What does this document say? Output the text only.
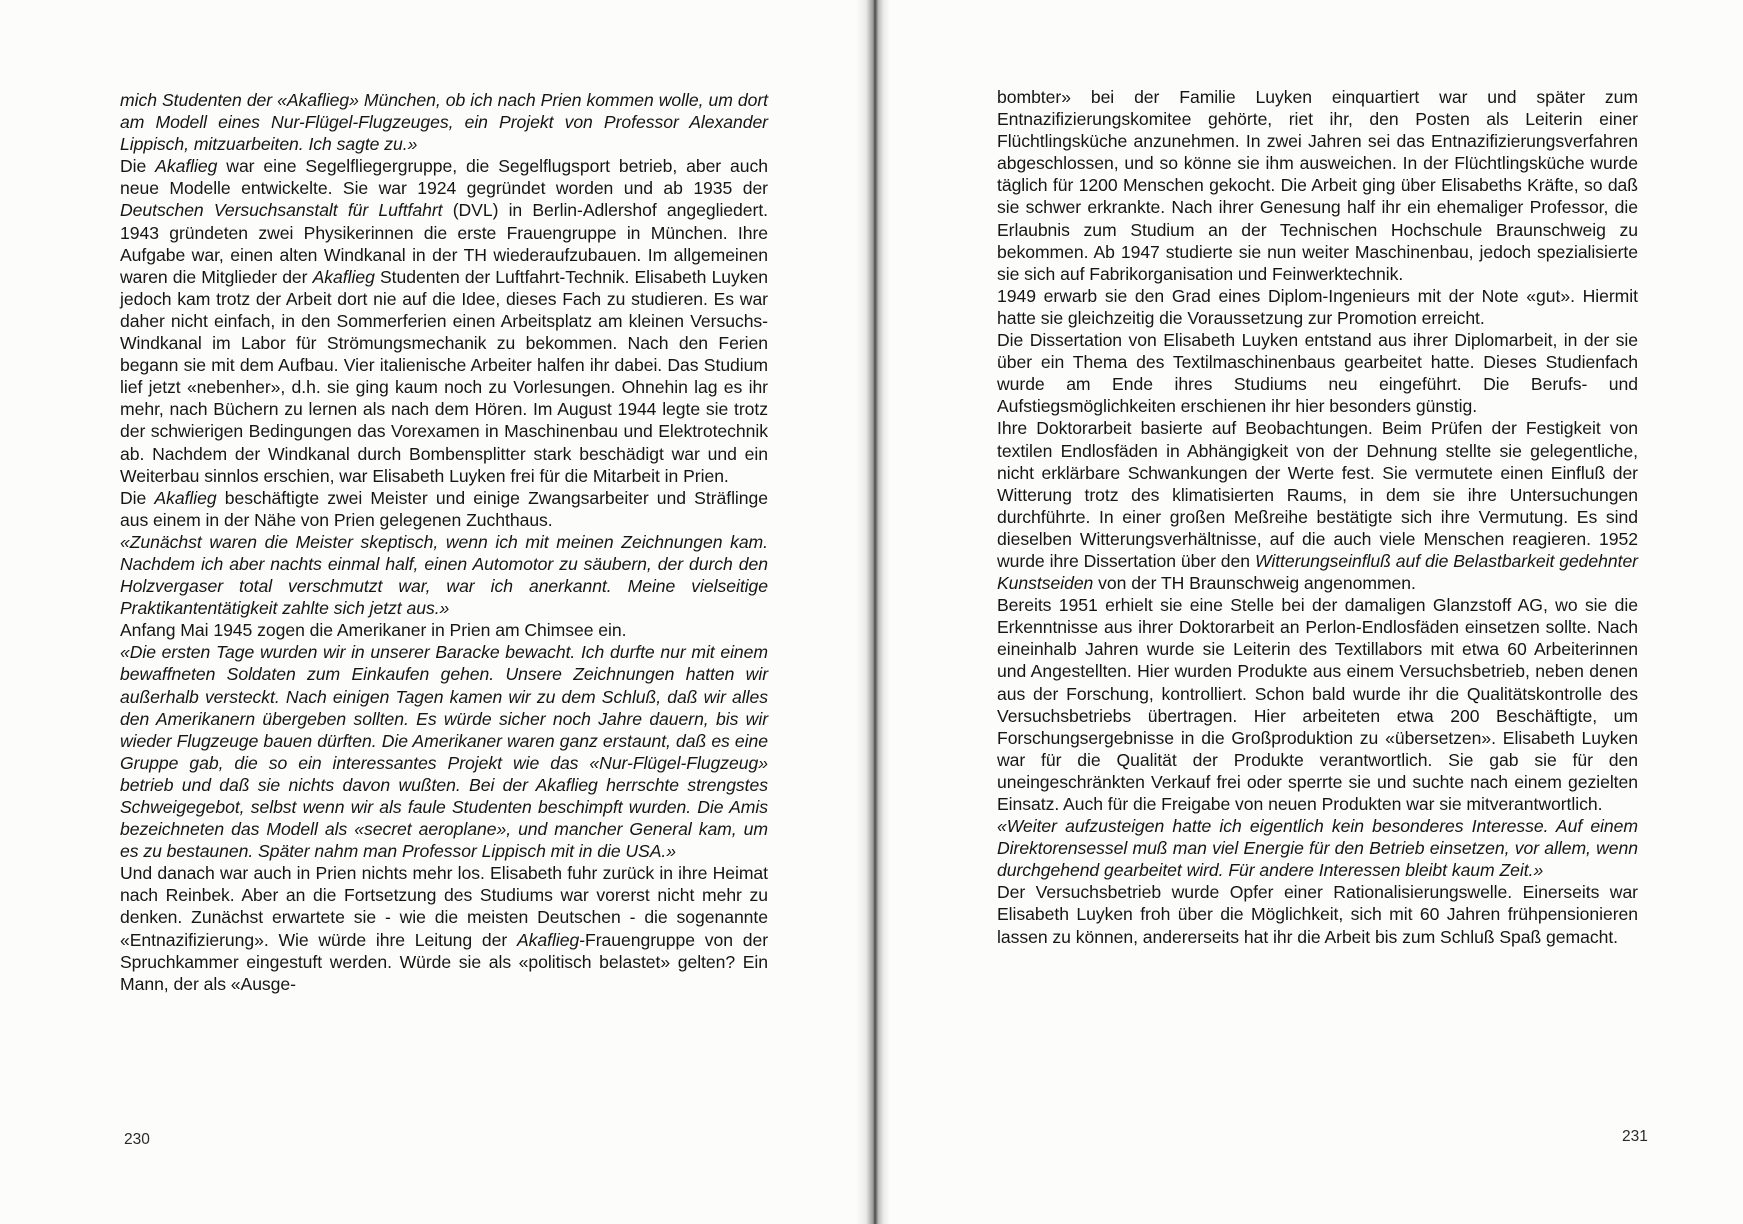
mich Studenten der «Akaflieg» München, ob ich nach Prien kommen wolle, um dort am Modell eines Nur-Flügel-Flugzeuges, ein Projekt von Professor Alexander Lippisch, mitzuarbeiten. Ich sagte zu.»

Die Akaflieg war eine Segelfliegergruppe, die Segelflugsport betrieb, aber auch neue Modelle entwickelte. Sie war 1924 gegründet worden und ab 1935 der Deutschen Versuchsanstalt für Luftfahrt (DVL) in Berlin-Adlershof angegliedert. 1943 gründeten zwei Physikerinnen die erste Frauengruppe in München. Ihre Aufgabe war, einen alten Windkanal in der TH wiederaufzubauen. Im allgemeinen waren die Mitglieder der Akaflieg Studenten der Luftfahrt-Technik. Elisabeth Luyken jedoch kam trotz der Arbeit dort nie auf die Idee, dieses Fach zu studieren. Es war daher nicht einfach, in den Sommerferien einen Arbeitsplatz am kleinen Versuchs-Windkanal im Labor für Strömungsmechanik zu bekommen. Nach den Ferien begann sie mit dem Aufbau. Vier italienische Arbeiter halfen ihr dabei. Das Studium lief jetzt «nebenher», d.h. sie ging kaum noch zu Vorlesungen. Ohnehin lag es ihr mehr, nach Büchern zu lernen als nach dem Hören. Im August 1944 legte sie trotz der schwierigen Bedingungen das Vorexamen in Maschinenbau und Elektrotechnik ab. Nachdem der Windkanal durch Bombensplitter stark beschädigt war und ein Weiterbau sinnlos erschien, war Elisabeth Luyken frei für die Mitarbeit in Prien.

Die Akaflieg beschäftigte zwei Meister und einige Zwangsarbeiter und Sträflinge aus einem in der Nähe von Prien gelegenen Zuchthaus.

«Zunächst waren die Meister skeptisch, wenn ich mit meinen Zeichnungen kam. Nachdem ich aber nachts einmal half, einen Automotor zu säubern, der durch den Holzvergaser total verschmutzt war, war ich anerkannt. Meine vielseitige Praktikantentätigkeit zahlte sich jetzt aus.»

Anfang Mai 1945 zogen die Amerikaner in Prien am Chimsee ein.

«Die ersten Tage wurden wir in unserer Baracke bewacht. Ich durfte nur mit einem bewaffneten Soldaten zum Einkaufen gehen. Unsere Zeichnungen hatten wir außerhalb versteckt. Nach einigen Tagen kamen wir zu dem Schluß, daß wir alles den Amerikanern übergeben sollten. Es würde sicher noch Jahre dauern, bis wir wieder Flugzeuge bauen dürften. Die Amerikaner waren ganz erstaunt, daß es eine Gruppe gab, die so ein interessantes Projekt wie das «Nur-Flügel-Flugzeug» betrieb und daß sie nichts davon wußten. Bei der Akaflieg herrschte strengstes Schweigegebot, selbst wenn wir als faule Studenten beschimpft wurden. Die Amis bezeichneten das Modell als «secret aeroplane», und mancher General kam, um es zu bestaunen. Später nahm man Professor Lippisch mit in die USA.»

Und danach war auch in Prien nichts mehr los. Elisabeth fuhr zurück in ihre Heimat nach Reinbek. Aber an die Fortsetzung des Studiums war vorerst nicht mehr zu denken. Zunächst erwartete sie - wie die meisten Deutschen - die sogenannte «Entnazifizierung». Wie würde ihre Leitung der Akaflieg-Frauengruppe von der Spruchkammer eingestuft werden. Würde sie als «politisch belastet» gelten? Ein Mann, der als «Ausge-

230

bombter» bei der Familie Luyken einquartiert war und später zum Entnazifizierungskomitee gehörte, riet ihr, den Posten als Leiterin einer Flüchtlingsküche anzunehmen. In zwei Jahren sei das Entnazifizierungsverfahren abgeschlossen, und so könne sie ihm ausweichen. In der Flüchtlingsküche wurde täglich für 1200 Menschen gekocht. Die Arbeit ging über Elisabeths Kräfte, so daß sie schwer erkrankte. Nach ihrer Genesung half ihr ein ehemaliger Professor, die Erlaubnis zum Studium an der Technischen Hochschule Braunschweig zu bekommen. Ab 1947 studierte sie nun weiter Maschinenbau, jedoch spezialisierte sie sich auf Fabrikorganisation und Feinwerktechnik.

1949 erwarb sie den Grad eines Diplom-Ingenieurs mit der Note «gut». Hiermit hatte sie gleichzeitig die Voraussetzung zur Promotion erreicht.

Die Dissertation von Elisabeth Luyken entstand aus ihrer Diplomarbeit, in der sie über ein Thema des Textilmaschinenbaus gearbeitet hatte. Dieses Studienfach wurde am Ende ihres Studiums neu eingeführt. Die Berufs- und Aufstiegsmöglichkeiten erschienen ihr hier besonders günstig.

Ihre Doktorarbeit basierte auf Beobachtungen. Beim Prüfen der Festigkeit von textilen Endlosfäden in Abhängigkeit von der Dehnung stellte sie gelegentliche, nicht erklärbare Schwankungen der Werte fest. Sie vermutete einen Einfluß der Witterung trotz des klimatisierten Raums, in dem sie ihre Untersuchungen durchführte. In einer großen Meßreihe bestätigte sich ihre Vermutung. Es sind dieselben Witterungsverhältnisse, auf die auch viele Menschen reagieren. 1952 wurde ihre Dissertation über den Witterungseinfluß auf die Belastbarkeit gedehnter Kunstseiden von der TH Braunschweig angenommen.

Bereits 1951 erhielt sie eine Stelle bei der damaligen Glanzstoff AG, wo sie die Erkenntnisse aus ihrer Doktorarbeit an Perlon-Endlosfäden einsetzen sollte. Nach eineinhalb Jahren wurde sie Leiterin des Textillabors mit etwa 60 Arbeiterinnen und Angestellten. Hier wurden Produkte aus einem Versuchsbetrieb, neben denen aus der Forschung, kontrolliert. Schon bald wurde ihr die Qualitätskontrolle des Versuchsbetriebs übertragen. Hier arbeiteten etwa 200 Beschäftigte, um Forschungsergebnisse in die Großproduktion zu «übersetzen». Elisabeth Luyken war für die Qualität der Produkte verantwortlich. Sie gab sie für den uneingeschränkten Verkauf frei oder sperrte sie und suchte nach einem gezielten Einsatz. Auch für die Freigabe von neuen Produkten war sie mitverantwortlich.

«Weiter aufzusteigen hatte ich eigentlich kein besonderes Interesse. Auf einem Direktorensessel muß man viel Energie für den Betrieb einsetzen, vor allem, wenn durchgehend gearbeitet wird. Für andere Interessen bleibt kaum Zeit.»

Der Versuchsbetrieb wurde Opfer einer Rationalisierungswelle. Einerseits war Elisabeth Luyken froh über die Möglichkeit, sich mit 60 Jahren frühpensionieren lassen zu können, andererseits hat ihr die Arbeit bis zum Schluß Spaß gemacht.

231
